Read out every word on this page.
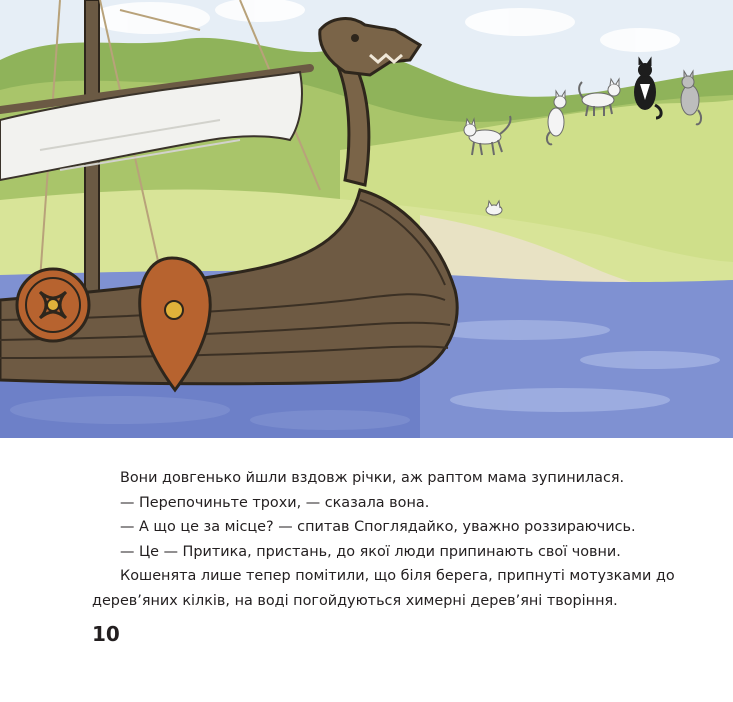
Вони довгенько йшли вздовж річки, аж раптом мама зупинилася.

— Перепочиньте трохи, — сказала вона.

— А що це за місце? — спитав Споглядайко, уважно роззираючись.

— Це — Притика, пристань, до якої люди припинають свої човни.

Кошенята лише тепер помітили, що біля берега, припнуті мотузками до

дерев’яних кілків, на воді погойдуються химерні дерев’яні творіння.

10
